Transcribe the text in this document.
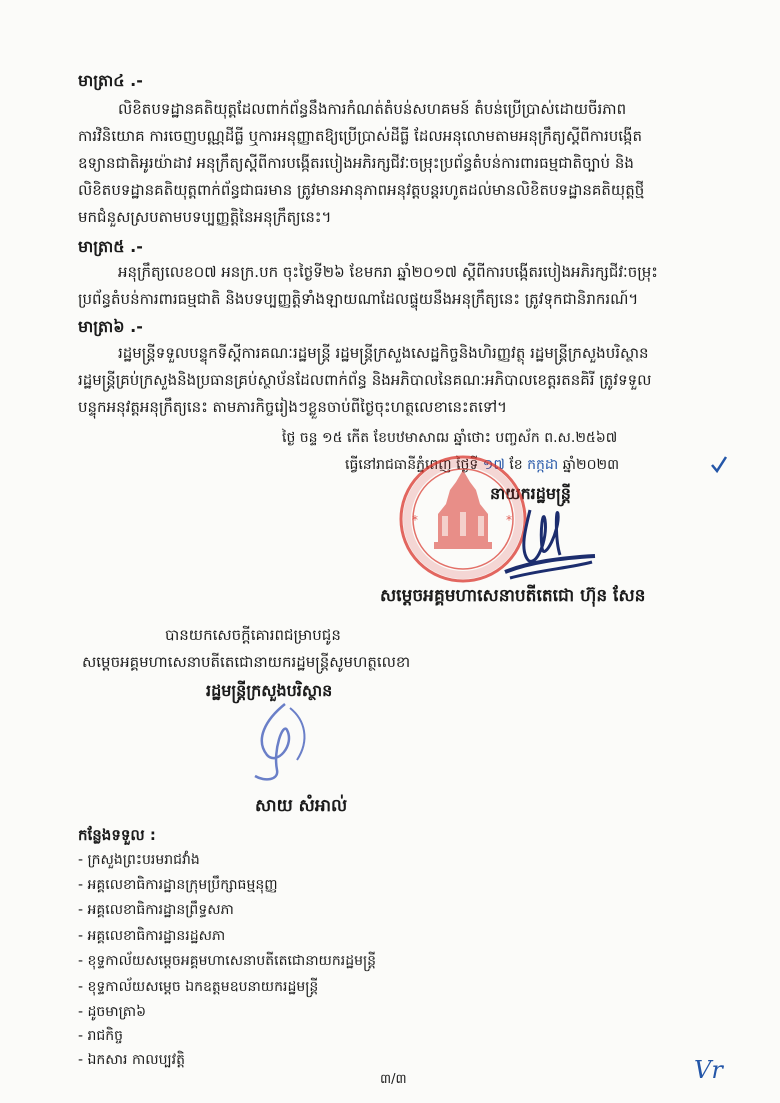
មាត្រា៤ .-
លិខិតបទដ្ឋានគតិយុត្តដែលពាក់ព័ន្ធនឹងការកំណត់តំបន់សហគមន៍ តំបន់ប្រើប្រាស់ដោយចីរភាព
ការវិនិយោគ ការចេញបណ្ណដីធ្លី ឬការអនុញ្ញាតឱ្យប្រើប្រាស់ដីធ្លី ដែលអនុលោមតាមអនុក្រឹត្យស្ដីពីការបង្កើត
ឧទ្យានជាតិអូរយ៉ាដាវ អនុក្រឹត្យស្ដីពីការបង្កើតរបៀងអភិរក្សជីវៈចម្រុះប្រព័ន្ធតំបន់ការពារធម្មជាតិច្បាប់ និង
លិខិតបទដ្ឋានគតិយុត្តពាក់ព័ន្ធជាធរមាន ត្រូវមានអានុភាពអនុវត្តបន្តរហូតដល់មានលិខិតបទដ្ឋានគតិយុត្តថ្មី
មកជំនួសស្របតាមបទប្បញ្ញត្តិនៃអនុក្រឹត្យនេះ។
មាត្រា៥ .-
អនុក្រឹត្យលេខ០៧ អនក្រ.បក ចុះថ្ងៃទី២៦ ខែមករា ឆ្នាំ២០១៧ ស្ដីពីការបង្កើតរបៀងអភិរក្សជីវៈចម្រុះ
ប្រព័ន្ធតំបន់ការពារធម្មជាតិ និងបទប្បញ្ញត្តិទាំងឡាយណាដែលផ្ទុយនឹងអនុក្រឹត្យនេះ ត្រូវទុកជានិរាករណ៍។
មាត្រា៦ .-
រដ្ឋមន្ត្រីទទួលបន្ទុកទីស្ដីការគណៈរដ្ឋមន្ត្រី រដ្ឋមន្ត្រីក្រសួងសេដ្ឋកិច្ចនិងហិរញ្ញវត្ថុ រដ្ឋមន្ត្រីក្រសួងបរិស្ថាន
រដ្ឋមន្ត្រីគ្រប់ក្រសួងនិងប្រធានគ្រប់ស្ថាប័នដែលពាក់ព័ន្ធ និងអភិបាលនៃគណៈអភិបាលខេត្តរតនគិរី ត្រូវទទួល
បន្ទុកអនុវត្តអនុក្រឹត្យនេះ តាមភារកិច្ចរៀងៗខ្លួនចាប់ពីថ្ងៃចុះហត្ថលេខានេះតទៅ។
ថ្ងៃ ចន្ទ ១៥ កើត ខែបឋមាសាឍ ឆ្នាំថោះ បញ្ចស័ក ព.ស.២៥៦៧
ធ្វើនៅរាជធានីភ្នំពេញ ថ្ងៃទី ១៧ ខែ កក្កដា ឆ្នាំ២០២៣
នាយករដ្ឋមន្ត្រី
*	*
សម្ដេចអគ្គមហាសេនាបតីតេជោ ហ៊ុន សែន
បានយកសេចក្ដីគោរពជម្រាបជូន
សម្ដេចអគ្គមហាសេនាបតីតេជោនាយករដ្ឋមន្ត្រីសូមហត្ថលេខា
រដ្ឋមន្ត្រីក្រសួងបរិស្ថាន
សាយ សំអាល់
កន្លែងទទួល :
- ក្រសួងព្រះបរមរាជវាំង
- អគ្គលេខាធិការដ្ឋានក្រុមប្រឹក្សាធម្មនុញ្ញ
- អគ្គលេខាធិការដ្ឋានព្រឹទ្ធសភា
- អគ្គលេខាធិការដ្ឋានរដ្ឋសភា
- ខុទ្ទកាល័យសម្ដេចអគ្គមហាសេនាបតីតេជោនាយករដ្ឋមន្ត្រី
- ខុទ្ទកាល័យសម្ដេច ឯកឧត្តមឧបនាយករដ្ឋមន្ត្រី
- ដូចមាត្រា៦
- រាជកិច្ច
- ឯកសារ កាលប្បវត្តិ
៣/៣	Vr
